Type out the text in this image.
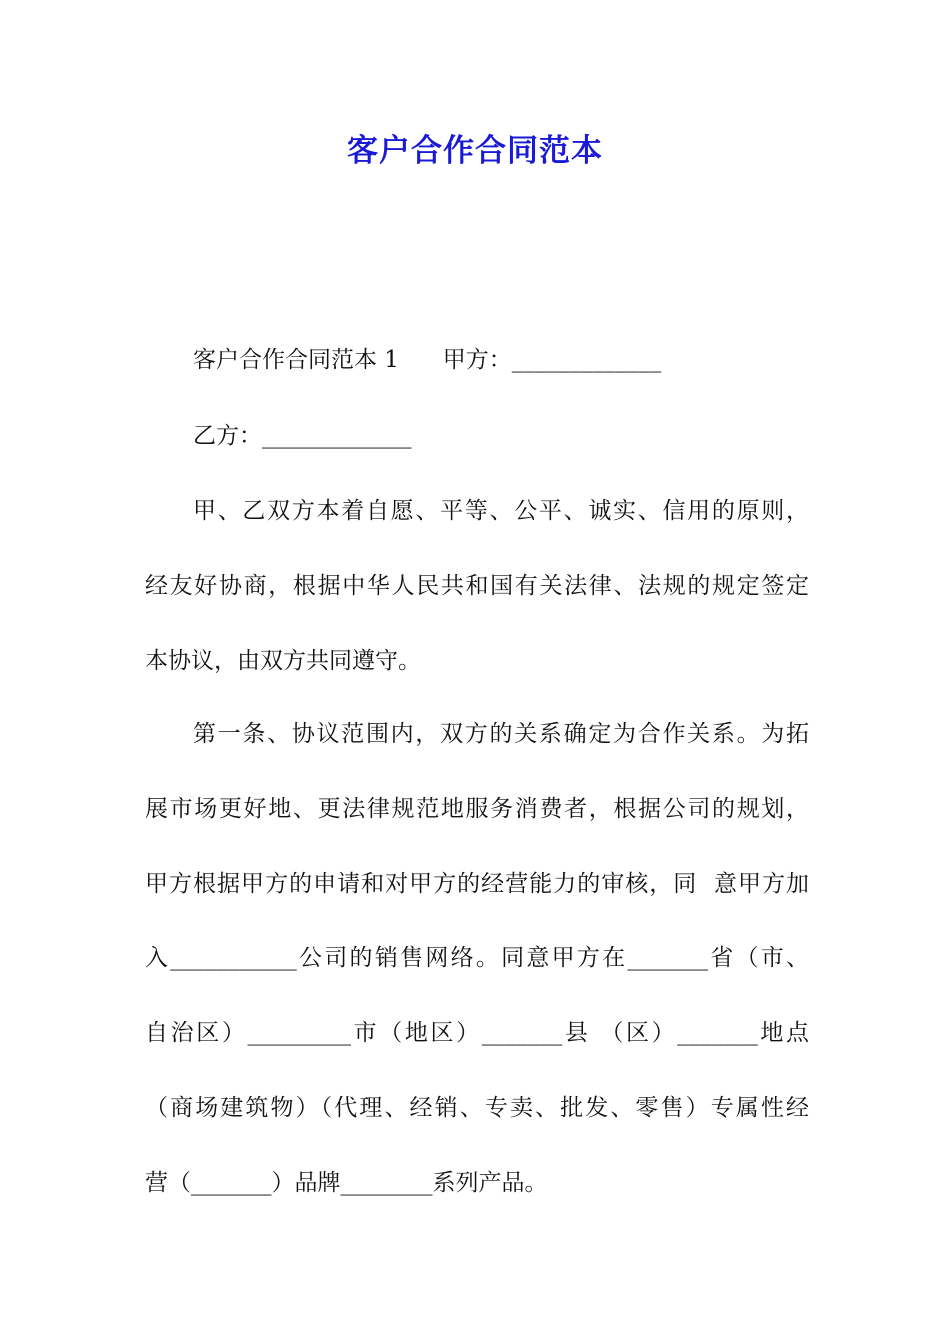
客户合作合同范本
客户合作合同范本 1      甲方：_____________
乙方：_____________
甲、乙双方本着自愿、平等、公平、诚实、信用的原则，
经友好协商，根据中华人民共和国有关法律、法规的规定签定
本协议，由双方共同遵守。
第一条、协议范围内，双方的关系确定为合作关系。为拓
展市场更好地、更法律规范地服务消费者，根据公司的规划，
甲方根据甲方的申请和对甲方的经营能力的审核，同  意甲方加
入___________公司的销售网络。同意甲方在_______省（市、
自治区）_________市（地区）_______县 （区）_______地点
（商场建筑物）（代理、经销、专卖、批发、零售）专属性经
营（_______）品牌________系列产品。
